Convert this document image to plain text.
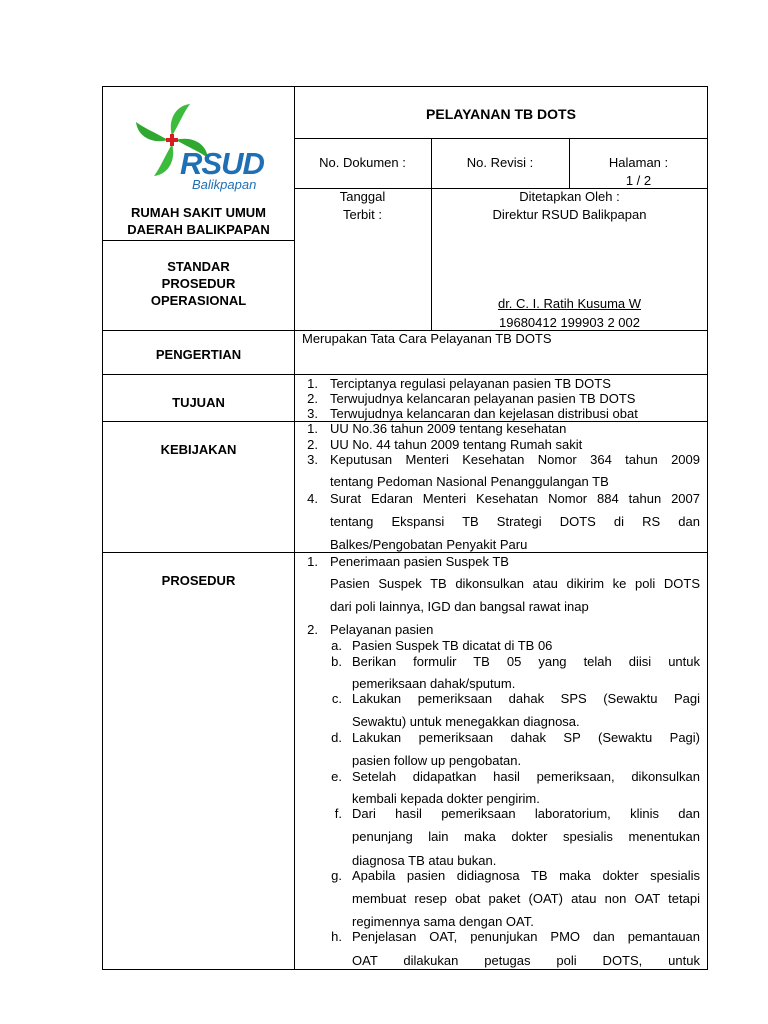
RSUD
Balikpapan
RUMAH SAKIT UMUM
DAERAH BALIKPAPAN
STANDAR
PROSEDUR
OPERASIONAL
PELAYANAN TB DOTS
No. Dokumen :	No. Revisi :	Halaman :
1 / 2
Tanggal
Terbit :
Ditetapkan Oleh :
Direktur RSUD Balikpapan
dr. C. I. Ratih Kusuma W
19680412 199903 2 002
PENGERTIAN
Merupakan Tata Cara Pelayanan TB DOTS
TUJUAN
1. Terciptanya regulasi pelayanan pasien TB DOTS
2. Terwujudnya kelancaran pelayanan pasien TB DOTS
3. Terwujudnya kelancaran dan kejelasan distribusi obat
KEBIJAKAN
1. UU No.36 tahun 2009 tentang kesehatan
2. UU No. 44 tahun 2009 tentang Rumah sakit
3. Keputusan Menteri Kesehatan Nomor 364 tahun 2009
tentang Pedoman Nasional Penanggulangan TB
4. Surat Edaran Menteri Kesehatan Nomor 884 tahun 2007
tentang Ekspansi TB Strategi DOTS di RS dan
Balkes/Pengobatan Penyakit Paru
PROSEDUR
1. Penerimaan pasien Suspek TB
Pasien Suspek TB dikonsulkan atau dikirim ke poli DOTS
dari poli lainnya, IGD dan bangsal rawat inap
2. Pelayanan pasien
a. Pasien Suspek TB dicatat di TB 06
b. Berikan formulir TB 05 yang telah diisi untuk
pemeriksaan dahak/sputum.
c. Lakukan pemeriksaan dahak SPS (Sewaktu Pagi
Sewaktu) untuk menegakkan diagnosa.
d. Lakukan pemeriksaan dahak SP (Sewaktu Pagi)
pasien follow up pengobatan.
e. Setelah didapatkan hasil pemeriksaan, dikonsulkan
kembali kepada dokter pengirim.
f. Dari hasil pemeriksaan laboratorium, klinis dan
penunjang lain maka dokter spesialis menentukan
diagnosa TB atau bukan.
g. Apabila pasien didiagnosa TB maka dokter spesialis
membuat resep obat paket (OAT) atau non OAT tetapi
regimennya sama dengan OAT.
h. Penjelasan OAT, penunjukan PMO dan pemantauan
OAT dilakukan petugas poli DOTS, untuk
